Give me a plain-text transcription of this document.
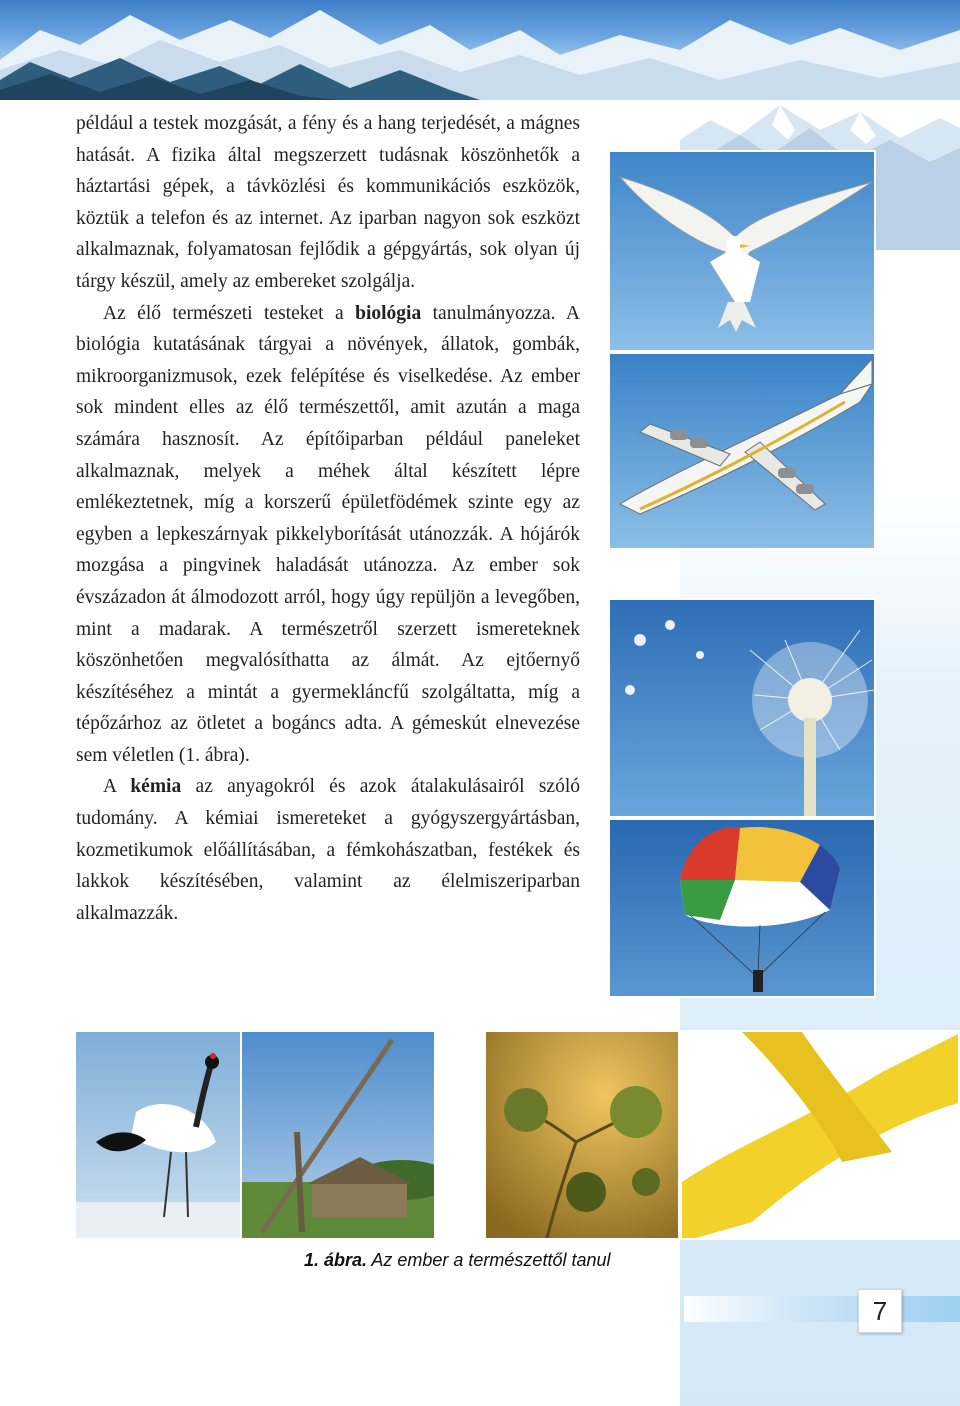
például a testek mozgását, a fény és a hang terjedését, a mágnes hatását. A fizika által megszerzett tudásnak köszönhetők a háztartási gépek, a távközlési és kommunikációs eszközök, köztük a telefon és az internet. Az iparban nagyon sok eszközt alkalmaznak, folyamatosan fejlődik a gépgyártás, sok olyan új tárgy készül, amely az embereket szolgálja.

Az élő természeti testeket a biológia tanulmányozza. A biológia kutatásának tárgyai a növények, állatok, gombák, mikroorganizmusok, ezek felépítése és viselkedése. Az ember sok mindent elles az élő természettől, amit azután a maga számára hasznosít. Az építőiparban például paneleket alkalmaznak, melyek a méhek által készített lépre emlékeztetnek, míg a korszerű épületfödémek szinte egy az egyben a lepkeszárnyak pikkelyborítását utánozzák. A hójárók mozgása a pingvinek haladását utánozza. Az ember sok évszázadon át álmodozott arról, hogy úgy repüljön a levegőben, mint a madarak. A természetről szerzett ismereteknek köszönhetően megvalósíthatta az álmát. Az ejtőernyő készítéséhez a mintát a gyermekláncfű szolgáltatta, míg a tépőzárhoz az ötletet a bogáncs adta. A gémeskút elnevezése sem véletlen (1. ábra).

A kémia az anyagokról és azok átalakulásairól szóló tudomány. A kémiai ismereteket a gyógyszergyártásban, kozmetikumok előállításában, a fémkohászatban, festékek és lakkok készítésében, valamint az élelmiszeriparban alkalmazzák.

1. ábra. Az ember a természettől tanul
7
